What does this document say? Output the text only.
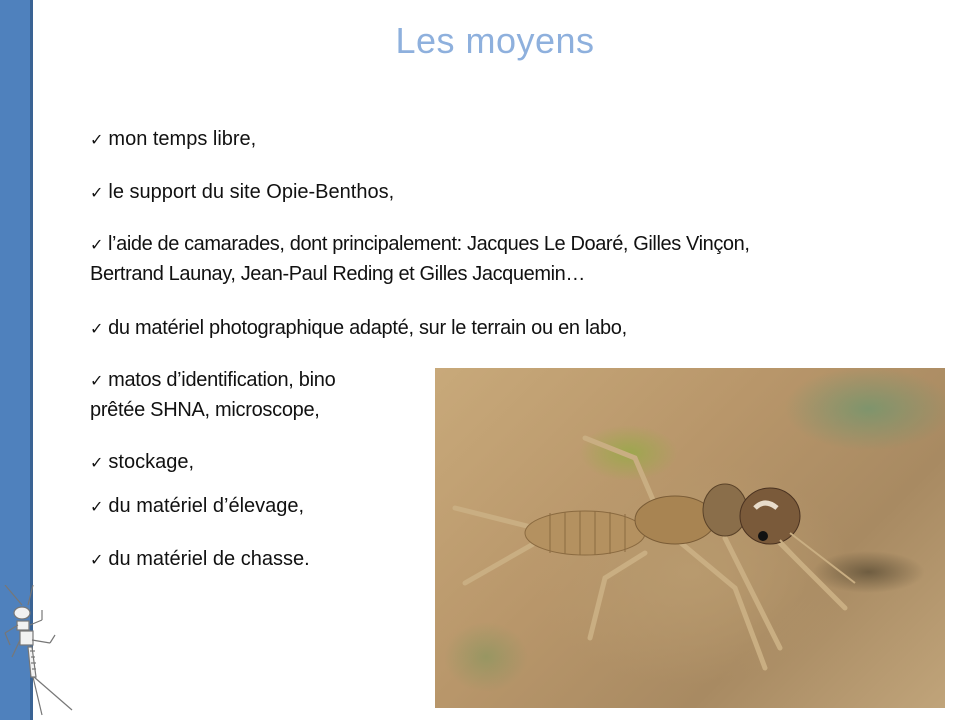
Les moyens
✓ mon temps libre,
✓ le support du site Opie-Benthos,
✓ l’aide de camarades, dont principalement: Jacques Le Doaré, Gilles Vinçon,
Bertrand Launay, Jean-Paul Reding et Gilles Jacquemin…
✓ du matériel photographique adapté, sur le terrain ou en labo,
✓ matos d’identification, bino
prêtée SHNA, microscope,
✓ stockage,
✓ du matériel d’élevage,
✓ du matériel de chasse.
